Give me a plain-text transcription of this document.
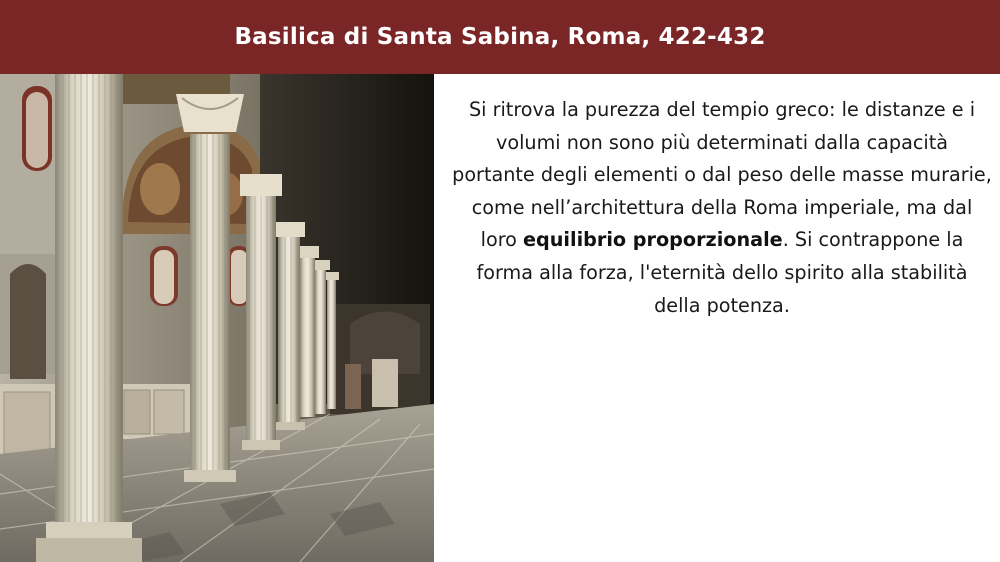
Basilica di Santa Sabina, Roma, 422-432
Si ritrova la purezza del tempio greco: le distanze e i volumi non sono più determinati dalla capacità portante degli elementi o dal peso delle masse murarie, come nell’architettura della Roma imperiale, ma dal loro equilibrio proporzionale. Si contrappone la forma alla forza, l'eternità dello spirito alla stabilità della potenza.
